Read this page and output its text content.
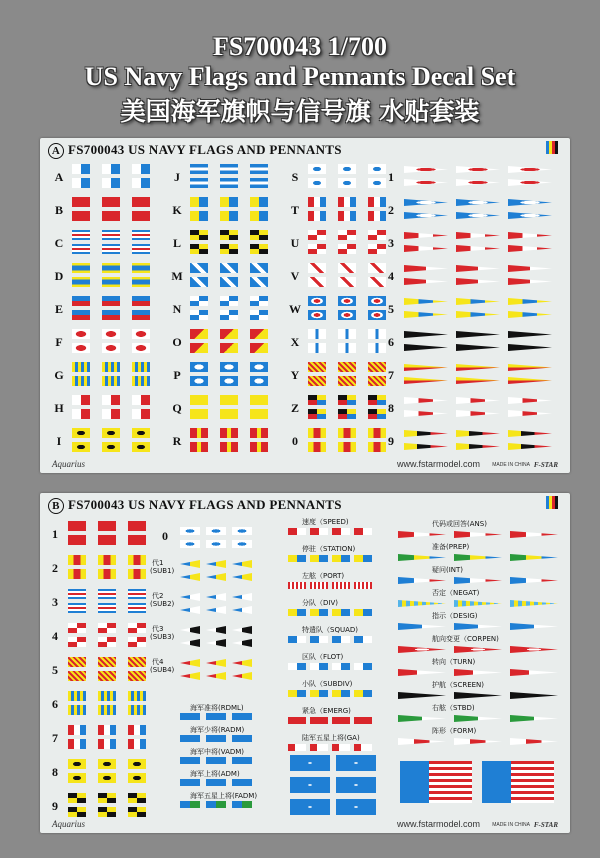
FS700043 1/700
US Navy Flags and Pennants Decal Set
美国海军旗帜与信号旗 水贴套装
A FS700043 US NAVY FLAGS AND PENNANTS
A
B
C
D
E
F
G
H
I
J
K
L
M
N
O
P
Q
R
S
T
U
V
W
X
Y
Z
0
1
2
3
4
5
6
7
8
9
Aquarius	www.fstarmodel.com MADE IN CHINA F-STAR
B FS700043 US NAVY FLAGS AND PENNANTS
1
2
3
4
5
6
7
8
9
0
代1
(SUB1)
代2
(SUB2)
代3
(SUB3)
代4
(SUB4)
海军准将(RDML)
海军少将(RADM)
海军中将(VADM)
海军上将(ADM)
海军五星上将(FADM)
速度（SPEED)
停驻（STATION)
左舷（PORT)
分队（DIV)
特遣队（SQUAD)
区队（FLOT)
小队（SUBDIV)
紧急（EMERG)
陆军五星上将(GA)
代码或回答(ANS)
准备(PREP)
疑问(INT)
否定（NEGAT)
指示（DESIG)
航向变更（CORPEN)
转向（TURN)
护航（SCREEN)
右舷（STBD)
阵形（FORM)
Aquarius	www.fstarmodel.com MADE IN CHINA F-STAR
